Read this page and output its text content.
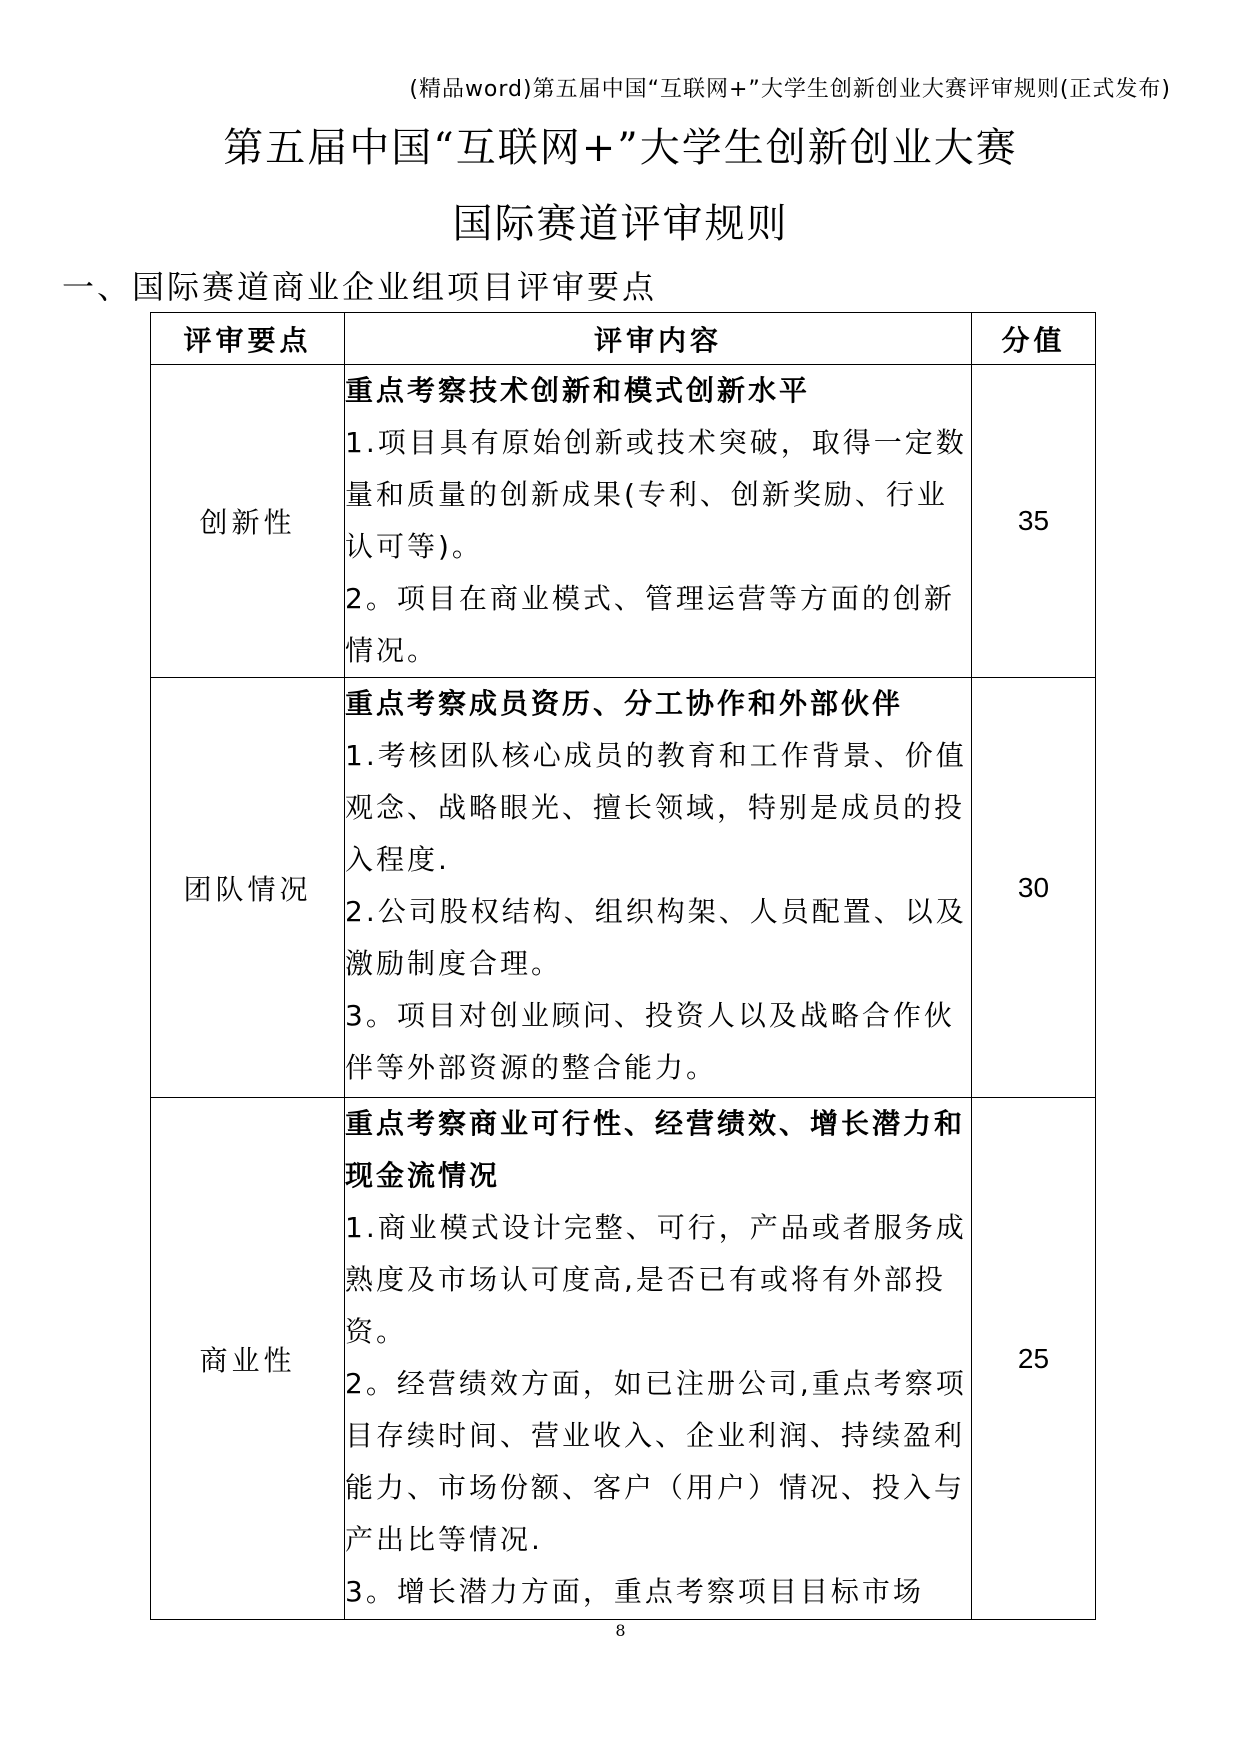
(精品word)第五届中国“互联网+”大学生创新创业大赛评审规则(正式发布)
第五届中国“互联网+”大学生创新创业大赛
国际赛道评审规则
一、国际赛道商业企业组项目评审要点
评审要点	评审内容	分值
创新性	重点考察技术创新和模式创新水平
1.项目具有原始创新或技术突破，取得一定数量和质量的创新成果(专利、创新奖励、行业认可等)。
2。项目在商业模式、管理运营等方面的创新情况。	35
团队情况	重点考察成员资历、分工协作和外部伙伴
1.考核团队核心成员的教育和工作背景、价值观念、战略眼光、擅长领域，特别是成员的投入程度.
2.公司股权结构、组织构架、人员配置、以及激励制度合理。
3。项目对创业顾问、投资人以及战略合作伙伴等外部资源的整合能力。	30
商业性	重点考察商业可行性、经营绩效、增长潜力和现金流情况
1.商业模式设计完整、可行，产品或者服务成熟度及市场认可度高,是否已有或将有外部投资。
2。经营绩效方面，如已注册公司,重点考察项目存续时间、营业收入、企业利润、持续盈利能力、市场份额、客户（用户）情况、投入与产出比等情况.
3。增长潜力方面，重点考察项目目标市场	25
8
